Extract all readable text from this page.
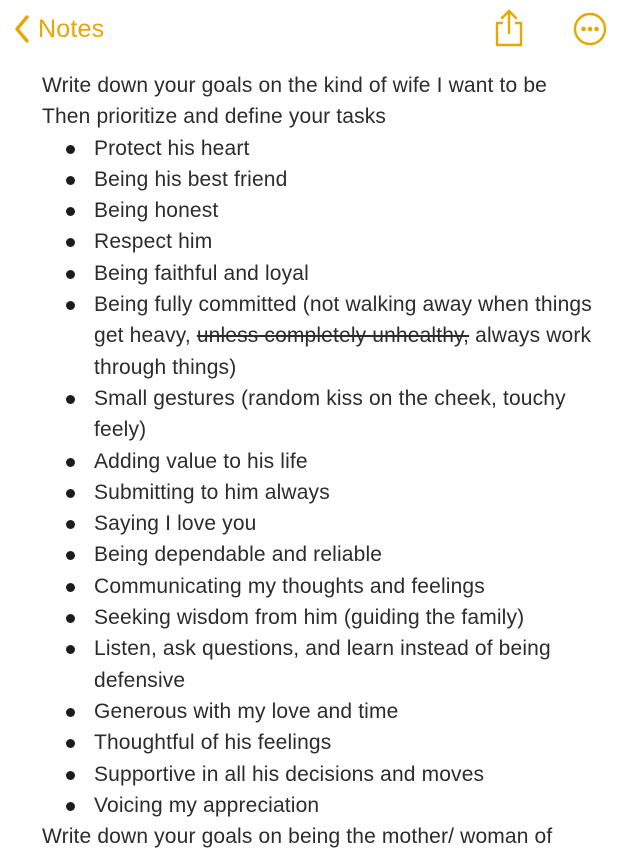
Notes

Write down your goals on the kind of wife I want to be

Then prioritize and define your tasks

Protect his heart
Being his best friend
Being honest
Respect him
Being faithful and loyal
Being fully committed (not walking away when things get heavy, unless completely unhealthy, always work through things)
Small gestures (random kiss on the cheek, touchy feely)
Adding value to his life
Submitting to him always
Saying I love you
Being dependable and reliable
Communicating my thoughts and feelings
Seeking wisdom from him (guiding the family)
Listen, ask questions, and learn instead of being defensive
Generous with my love and time
Thoughtful of his feelings
Supportive in all his decisions and moves
Voicing my appreciation

Write down your goals on being the mother/ woman of
